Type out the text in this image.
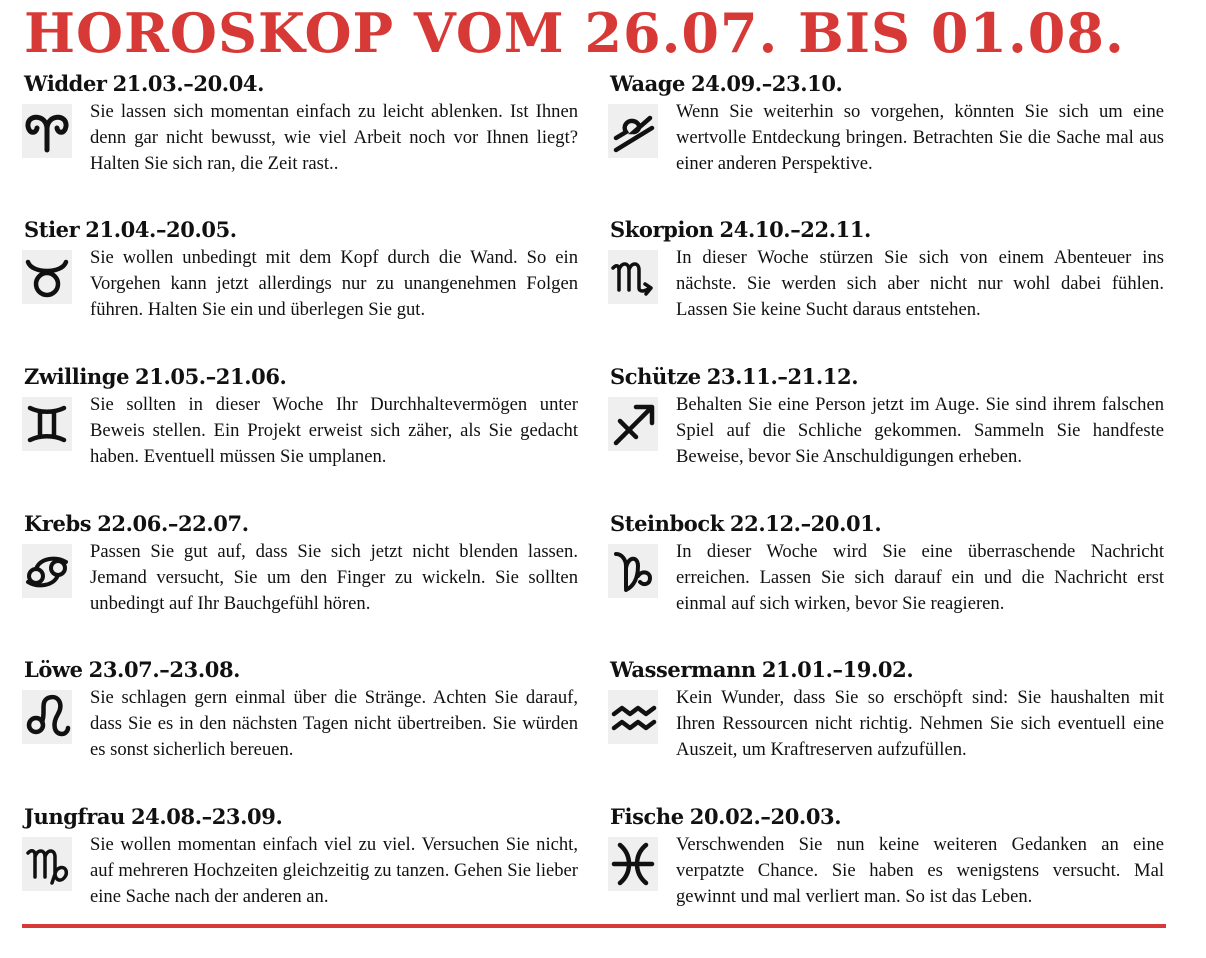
HOROSKOP VOM 26.07. BIS 01.08.
Widder 21.03.–20.04.

Sie lassen sich momentan einfach zu leicht ablenken. Ist Ihnen denn gar nicht bewusst, wie viel Arbeit noch vor Ihnen liegt? Halten Sie sich ran, die Zeit rast..

Stier 21.04.–20.05.

Sie wollen unbedingt mit dem Kopf durch die Wand. So ein Vorgehen kann jetzt allerdings nur zu unangenehmen Folgen führen. Halten Sie ein und überlegen Sie gut.

Zwillinge 21.05.–21.06.

Sie sollten in dieser Woche Ihr Durchhaltevermögen unter Beweis stellen. Ein Projekt erweist sich zäher, als Sie gedacht haben. Eventuell müssen Sie umplanen.

Krebs 22.06.–22.07.

Passen Sie gut auf, dass Sie sich jetzt nicht blenden lassen. Jemand versucht, Sie um den Finger zu wickeln. Sie sollten unbedingt auf Ihr Bauchgefühl hören.

Löwe 23.07.–23.08.

Sie schlagen gern einmal über die Stränge. Achten Sie darauf, dass Sie es in den nächsten Tagen nicht übertreiben. Sie würden es sonst sicherlich bereuen.

Jungfrau 24.08.–23.09.

Sie wollen momentan einfach viel zu viel. Versuchen Sie nicht, auf mehreren Hochzeiten gleichzeitig zu tanzen. Gehen Sie lieber eine Sache nach der anderen an.

Waage 24.09.–23.10.

Wenn Sie weiterhin so vorgehen, könnten Sie sich um eine wertvolle Entdeckung bringen. Betrachten Sie die Sache mal aus einer anderen Perspektive.

Skorpion 24.10.–22.11.

In dieser Woche stürzen Sie sich von einem Abenteuer ins nächste. Sie werden sich aber nicht nur wohl dabei fühlen. Lassen Sie keine Sucht daraus entstehen.

Schütze 23.11.–21.12.

Behalten Sie eine Person jetzt im Auge. Sie sind ihrem falschen Spiel auf die Schliche gekommen. Sammeln Sie handfeste Beweise, bevor Sie Anschuldigungen erheben.

Steinbock 22.12.–20.01.

In dieser Woche wird Sie eine überraschende Nachricht erreichen. Lassen Sie sich darauf ein und die Nachricht erst einmal auf sich wirken, bevor Sie reagieren.

Wassermann 21.01.–19.02.

Kein Wunder, dass Sie so erschöpft sind: Sie haushalten mit Ihren Ressourcen nicht richtig. Nehmen Sie sich eventuell eine Auszeit, um Kraftreserven aufzufüllen.

Fische 20.02.–20.03.

Verschwenden Sie nun keine weiteren Gedanken an eine verpatzte Chance. Sie haben es wenigstens versucht. Mal gewinnt und mal verliert man. So ist das Leben.
